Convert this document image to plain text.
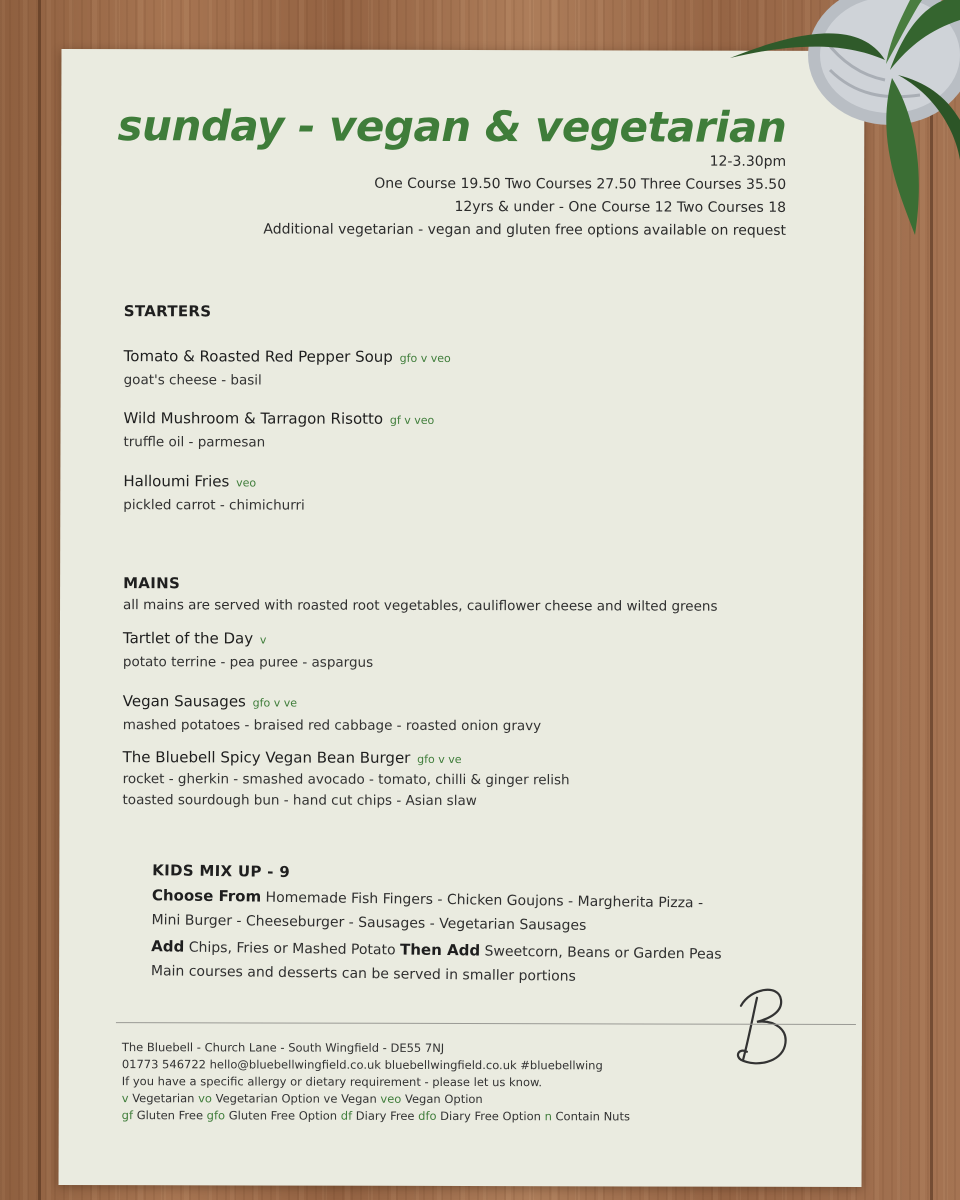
sunday - vegan & vegetarian
12-3.30pm
One Course 19.50 Two Courses 27.50 Three Courses 35.50
12yrs & under - One Course 12 Two Courses 18
Additional vegetarian - vegan and gluten free options available on request
STARTERS
Tomato & Roasted Red Pepper Soup gfo v veo
goat's cheese - basil
Wild Mushroom & Tarragon Risotto gf v veo
truffle oil - parmesan
Halloumi Fries veo
pickled carrot - chimichurri
MAINS
all mains are served with roasted root vegetables, cauliflower cheese and wilted greens
Tartlet of the Day v
potato terrine - pea puree - aspargus
Vegan Sausages gfo v ve
mashed potatoes - braised red cabbage - roasted onion gravy
The Bluebell Spicy Vegan Bean Burger gfo v ve
rocket - gherkin - smashed avocado - tomato, chilli & ginger relish
toasted sourdough bun - hand cut chips - Asian slaw
KIDS MIX UP - 9
Choose From Homemade Fish Fingers - Chicken Goujons - Margherita Pizza -
Mini Burger - Cheeseburger - Sausages - Vegetarian Sausages
Add Chips, Fries or Mashed Potato Then Add Sweetcorn, Beans or Garden Peas
Main courses and desserts can be served in smaller portions
The Bluebell - Church Lane - South Wingfield - DE55 7NJ
01773 546722 hello@bluebellwingfield.co.uk bluebellwingfield.co.uk #bluebellwing
If you have a specific allergy or dietary requirement - please let us know.
v Vegetarian vo Vegetarian Option ve Vegan veo Vegan Option
gf Gluten Free gfo Gluten Free Option df Diary Free dfo Diary Free Option n Contain Nuts
